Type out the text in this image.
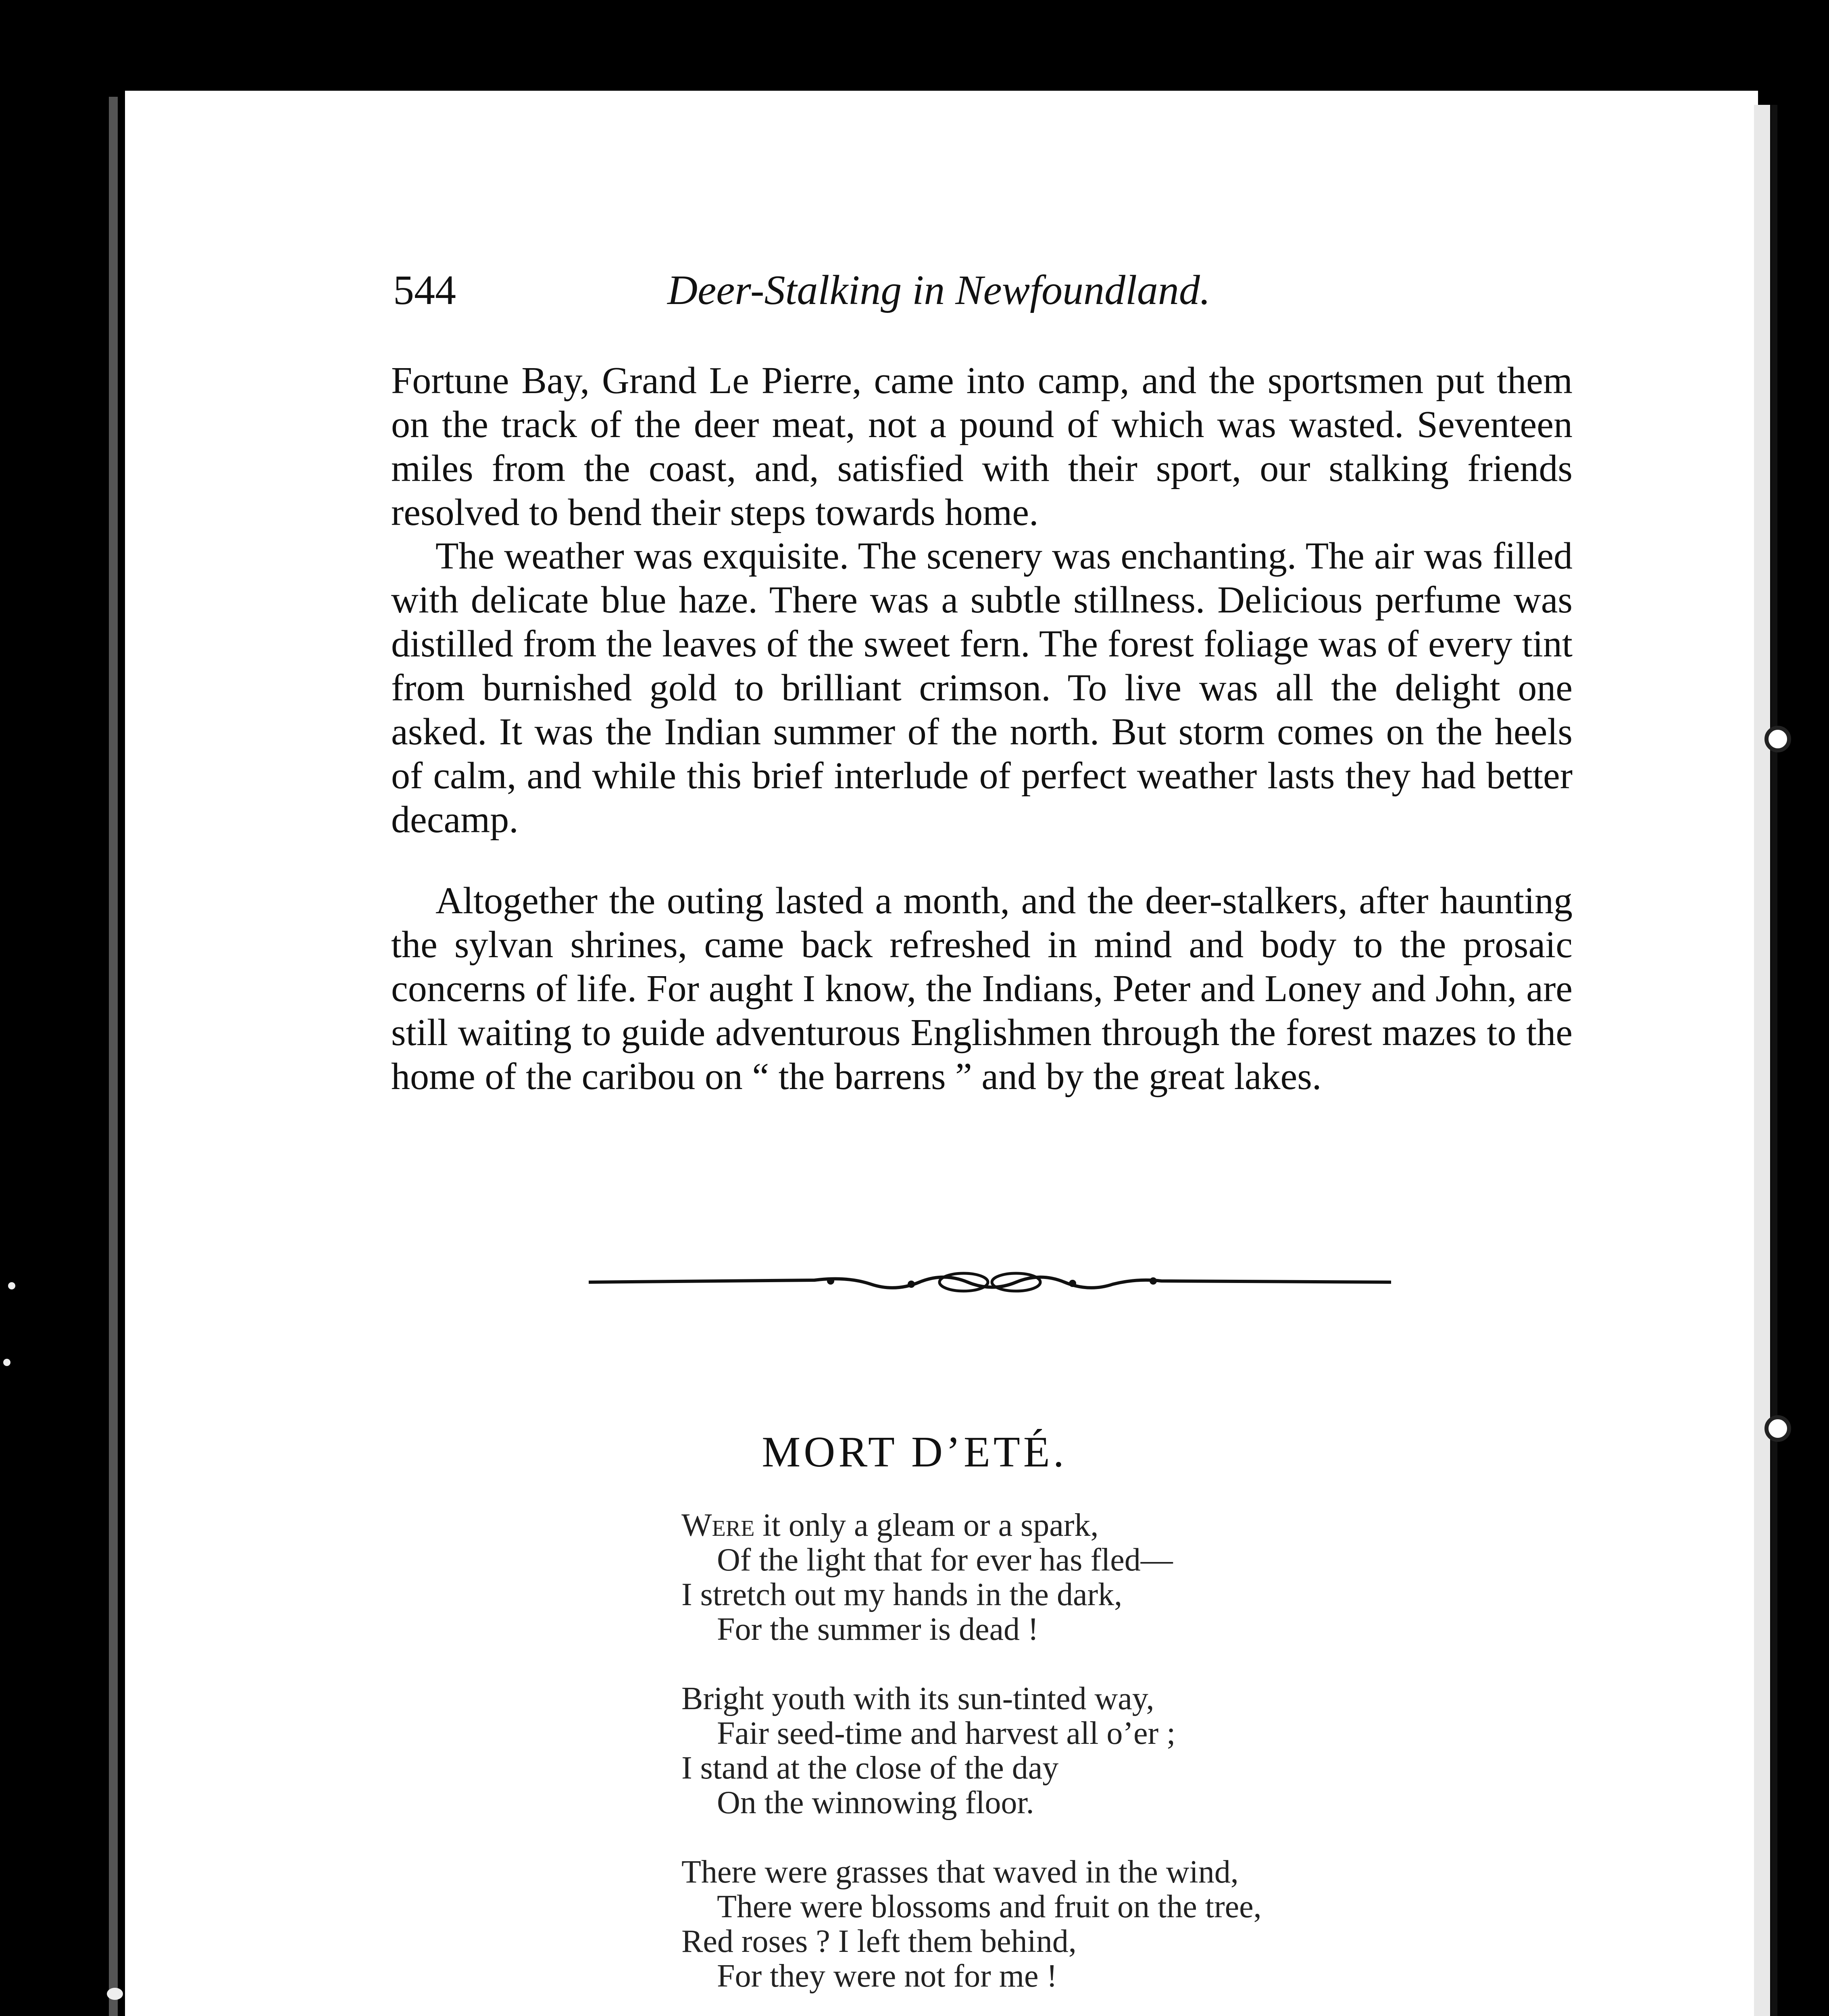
544	Deer-Stalking in Newfoundland.

Fortune Bay, Grand Le Pierre, came into camp, and the sportsmen put them on the track of the deer meat, not a pound of which was wasted. Seventeen miles from the coast, and, satisfied with their sport, our stalking friends resolved to bend their steps towards home.

The weather was exquisite. The scenery was enchanting. The air was filled with delicate blue haze. There was a subtle stillness. Delicious perfume was distilled from the leaves of the sweet fern. The forest foliage was of every tint from burnished gold to brilliant crimson. To live was all the delight one asked. It was the Indian summer of the north. But storm comes on the heels of calm, and while this brief interlude of perfect weather lasts they had better decamp.

Altogether the outing lasted a month, and the deer-stalkers, after haunting the sylvan shrines, came back refreshed in mind and body to the prosaic concerns of life. For aught I know, the Indians, Peter and Loney and John, are still waiting to guide adventurous Englishmen through the forest mazes to the home of the caribou on “ the barrens ” and by the great lakes.

MORT D’ETÉ.
Were it only a gleam or a spark,
Of the light that for ever has fled—
I stretch out my hands in the dark,
For the summer is dead !
Bright youth with its sun-tinted way,
Fair seed-time and harvest all o’er ;
I stand at the close of the day
On the winnowing floor.
There were grasses that waved in the wind,
There were blossoms and fruit on the tree,
Red roses ? I left them behind,
For they were not for me !
